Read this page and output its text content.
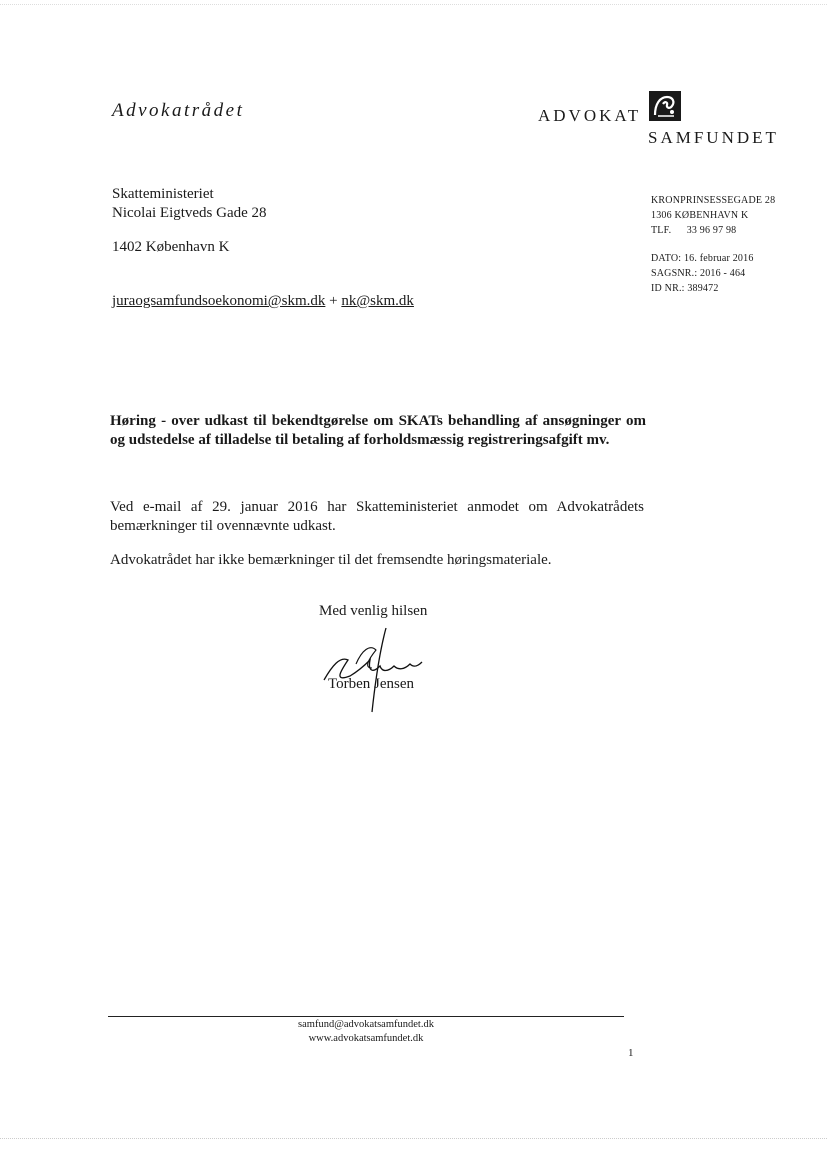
Advokatrådet	ADVOKAT
SAMFUNDET
Skatteministeriet
Nicolai Eigtveds Gade 28
1402 København K
juraogsamfundsoekonomi@skm.dk + nk@skm.dk
KRONPRINSESSEGADE 28
1306 KØBENHAVN K
TLF. 33 96 97 98
DATO: 16. februar 2016
SAGSNR.: 2016 - 464
ID NR.: 389472
Høring - over udkast til bekendtgørelse om SKATs behandling af ansøgninger om og udstedelse af tilladelse til betaling af forholdsmæssig registreringsafgift mv.
Ved e-mail af 29. januar 2016 har Skatteministeriet anmodet om Advokatrådets bemærkninger til ovennævnte udkast.
Advokatrådet har ikke bemærkninger til det fremsendte høringsmateriale.
Med venlig hilsen
Torben Jensen
samfund@advokatsamfundet.dk
www.advokatsamfundet.dk
1
